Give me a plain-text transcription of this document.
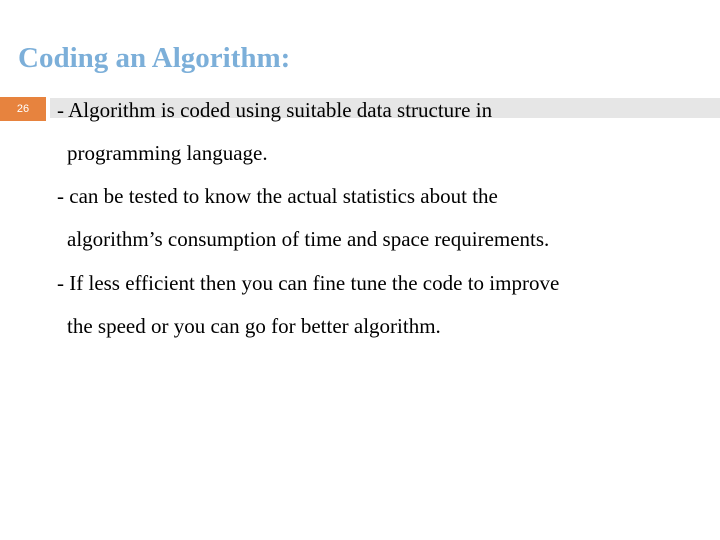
Coding an Algorithm:
26 - Algorithm is coded using suitable data structure in

programming language.

- can be tested to know the actual statistics about the

algorithm’s consumption of time and space requirements.

- If less efficient then you can fine tune the code to improve

the speed or you can go for better algorithm.
